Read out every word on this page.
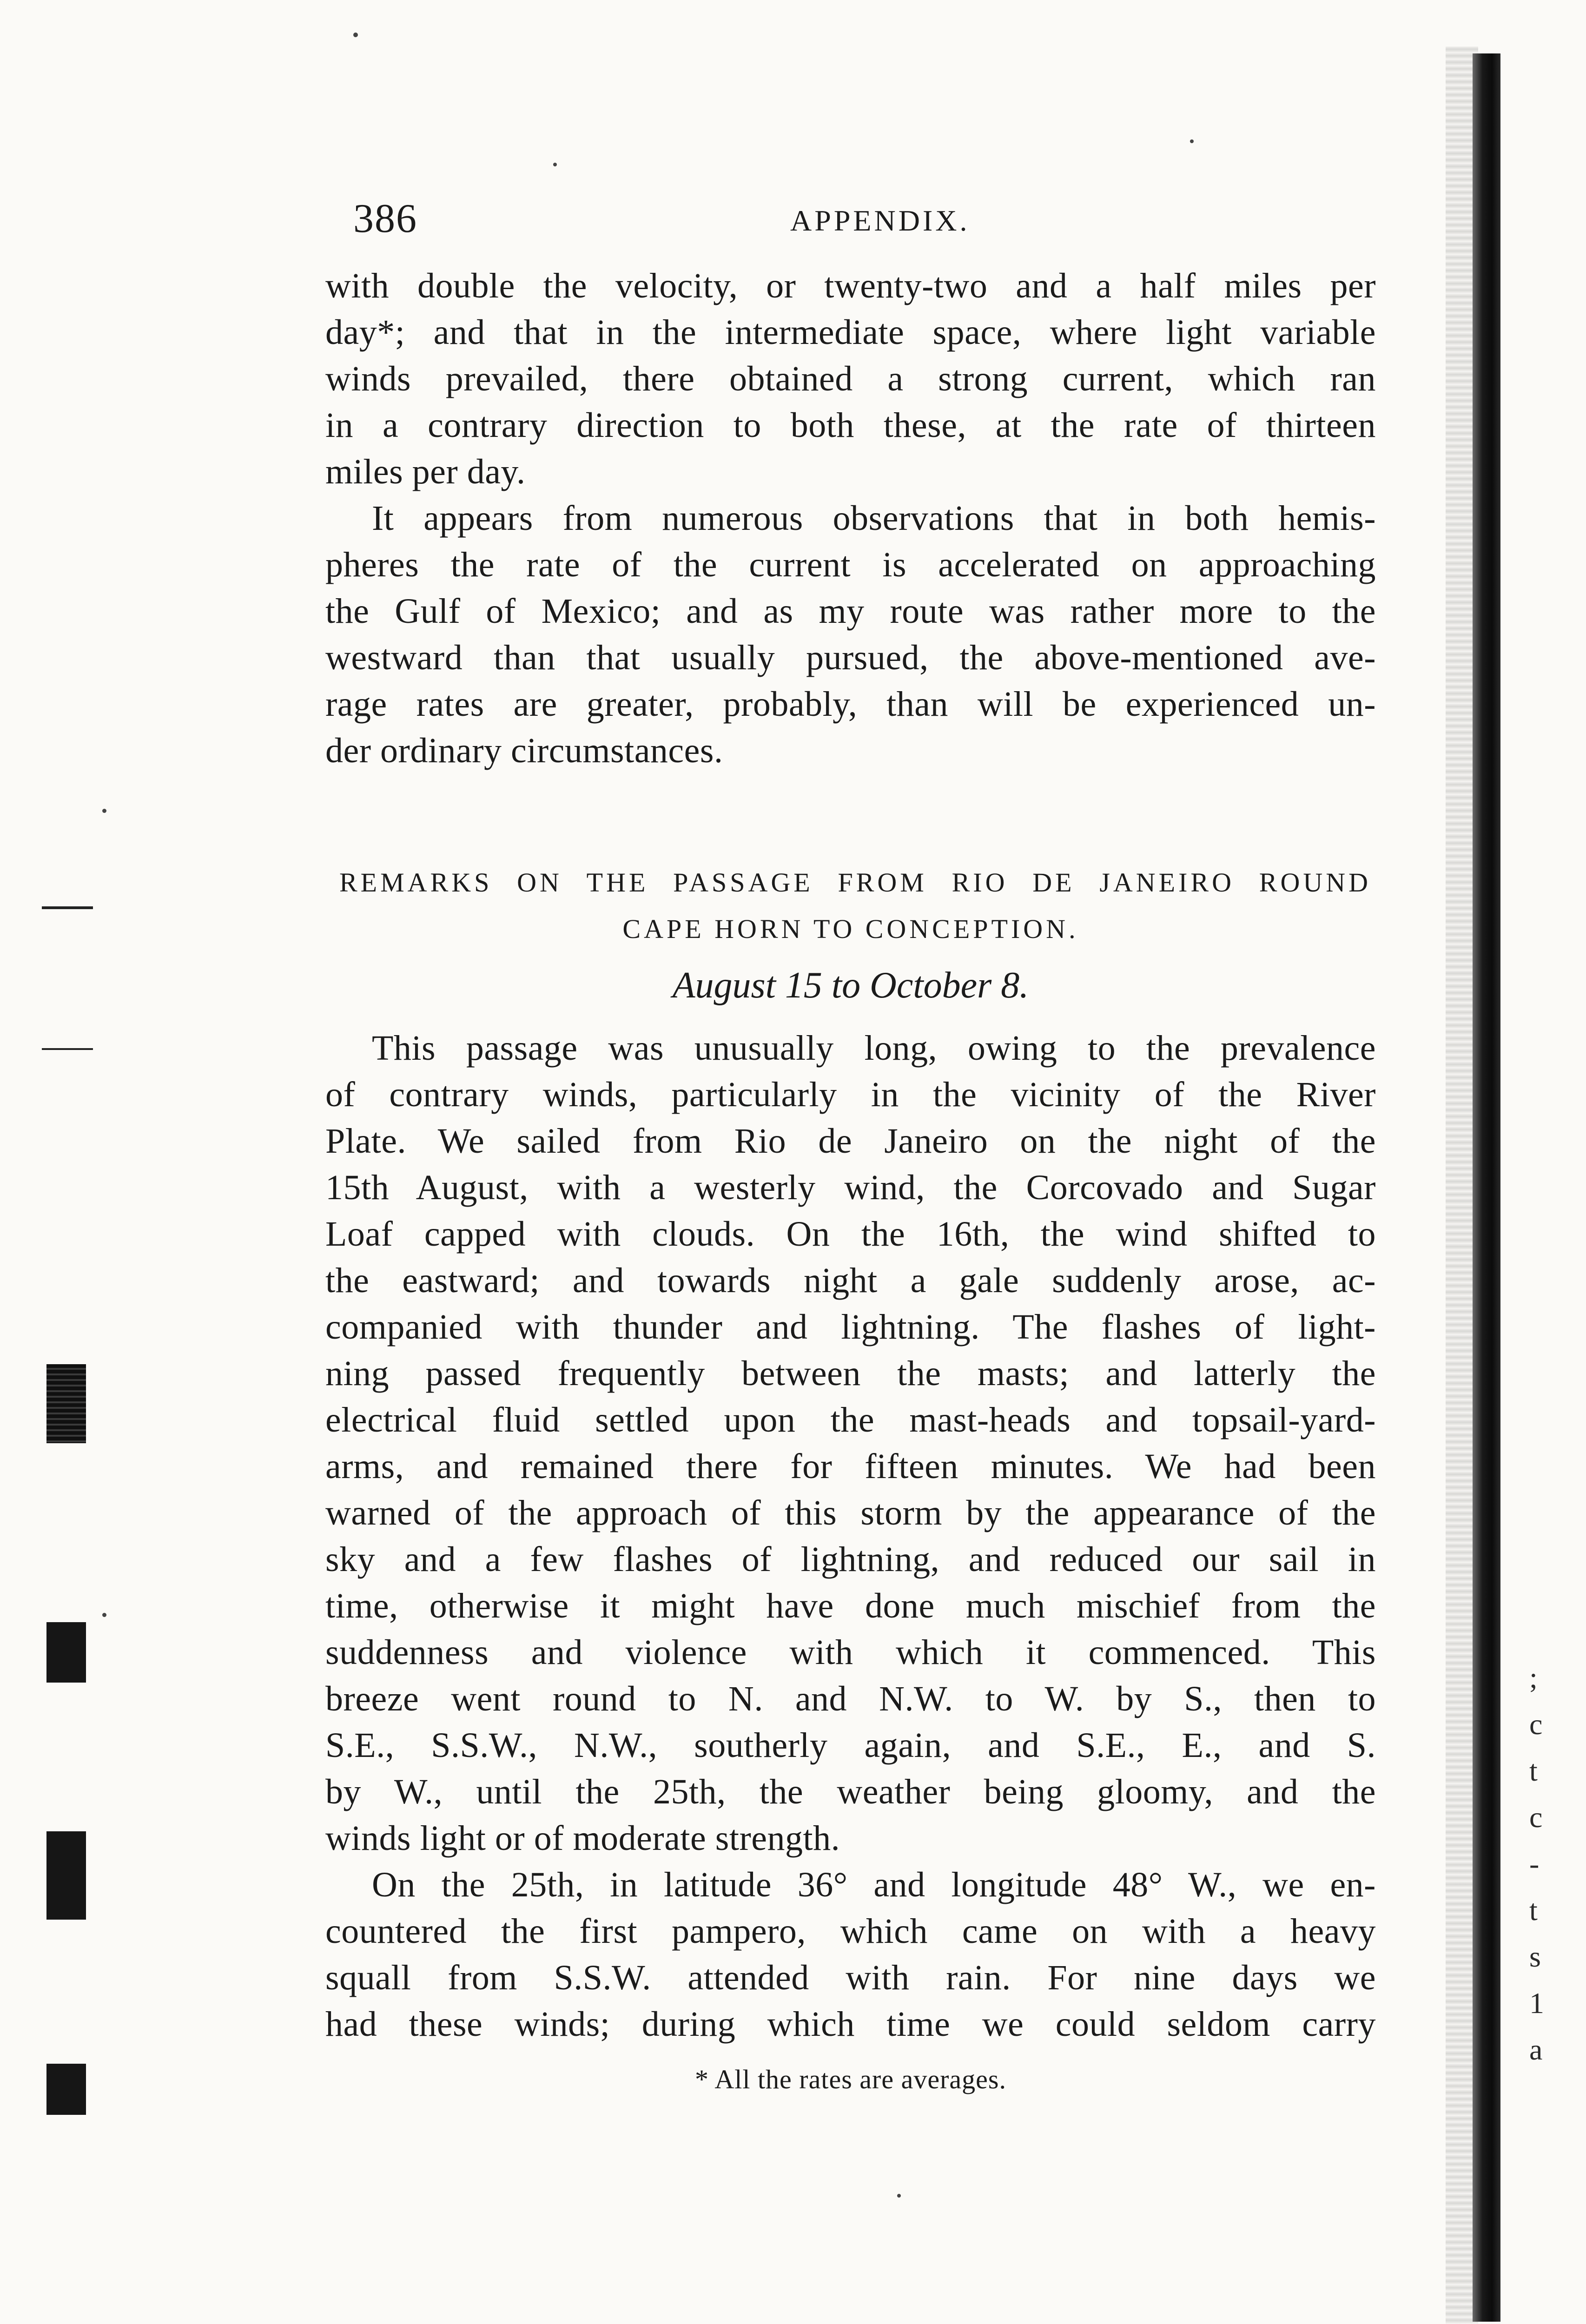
386	APPENDIX.
with double the velocity, or twenty-two and a half miles per
day*; and that in the intermediate space, where light variable
winds prevailed, there obtained a strong current, which ran
in a contrary direction to both these, at the rate of thirteen
miles per day.
It appears from numerous observations that in both hemis-
pheres the rate of the current is accelerated on approaching
the Gulf of Mexico; and as my route was rather more to the
westward than that usually pursued, the above-mentioned ave-
rage rates are greater, probably, than will be experienced un-
der ordinary circumstances.
REMARKS ON THE PASSAGE FROM RIO DE JANEIRO ROUND
CAPE HORN TO CONCEPTION.
August 15 to October 8.
This passage was unusually long, owing to the prevalence
of contrary winds, particularly in the vicinity of the River
Plate. We sailed from Rio de Janeiro on the night of the
15th August, with a westerly wind, the Corcovado and Sugar
Loaf capped with clouds. On the 16th, the wind shifted to
the eastward; and towards night a gale suddenly arose, ac-
companied with thunder and lightning. The flashes of light-
ning passed frequently between the masts; and latterly the
electrical fluid settled upon the mast-heads and topsail-yard-
arms, and remained there for fifteen minutes. We had been
warned of the approach of this storm by the appearance of the
sky and a few flashes of lightning, and reduced our sail in
time, otherwise it might have done much mischief from the
suddenness and violence with which it commenced. This
breeze went round to N. and N.W. to W. by S., then to
S.E., S.S.W., N.W., southerly again, and S.E., E., and S.
by W., until the 25th, the weather being gloomy, and the
winds light or of moderate strength.
On the 25th, in latitude 36° and longitude 48° W., we en-
countered the first pampero, which came on with a heavy
squall from S.S.W. attended with rain. For nine days we
had these winds; during which time we could seldom carry
* All the rates are averages.
;
c
t
c
-
t
s
1
a
